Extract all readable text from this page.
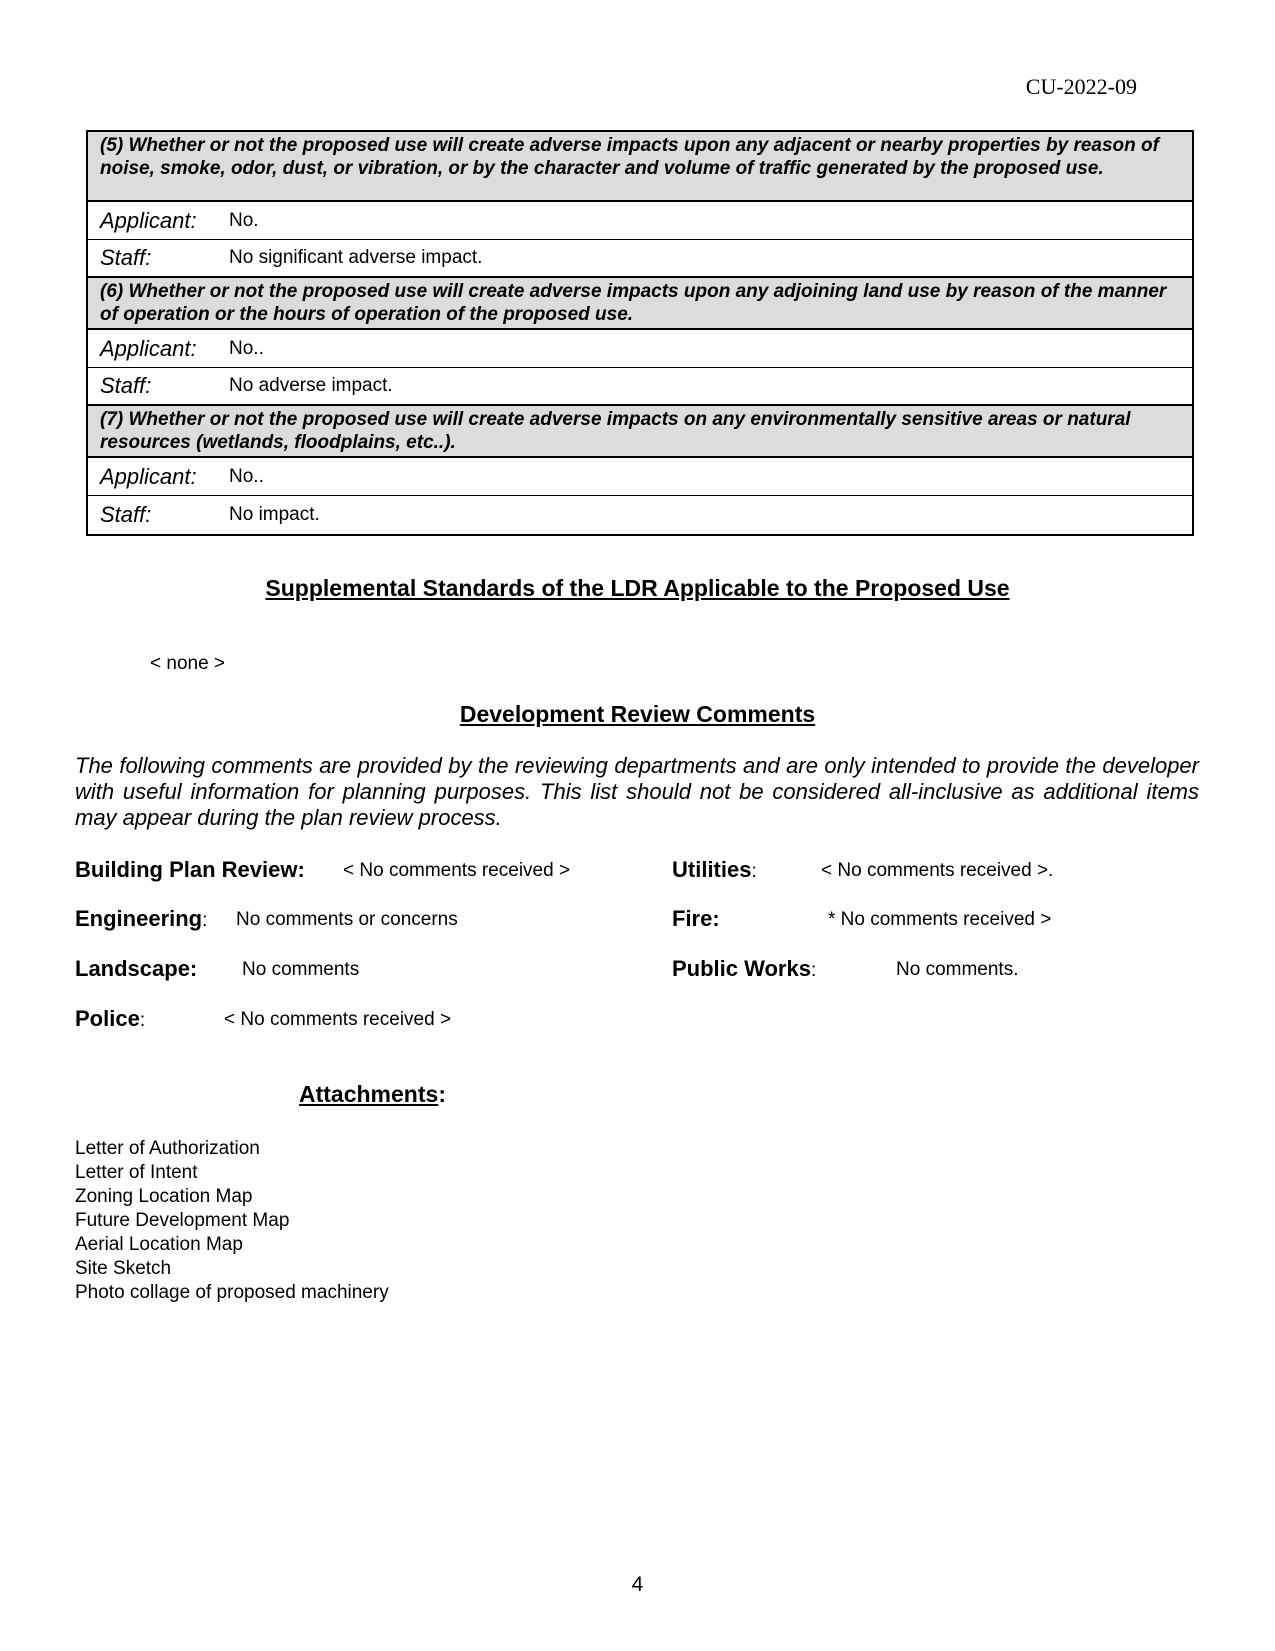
CU-2022-09
(5) Whether or not the proposed use will create adverse impacts upon any adjacent or nearby properties by reason of noise, smoke, odor, dust, or vibration, or by the character and volume of traffic generated by the proposed use.
Applicant:	No.
Staff:	No significant adverse impact.
(6) Whether or not the proposed use will create adverse impacts upon any adjoining land use by reason of the manner of operation or the hours of operation of the proposed use.
Applicant:	No..
Staff:	No adverse impact.
(7) Whether or not the proposed use will create adverse impacts on any environmentally sensitive areas or natural resources (wetlands, floodplains, etc..).
Applicant:	No..
Staff:	No impact.
Supplemental Standards of the LDR Applicable to the Proposed Use
< none >
Development Review Comments
The following comments are provided by the reviewing departments and are only intended to provide the developer with useful information for planning purposes. This list should not be considered all-inclusive as additional items may appear during the plan review process.
Building Plan Review: < No comments received >	Utilities:	< No comments received >.
Engineering: No comments or concerns	Fire:	* No comments received >
Landscape: No comments	Public Works:	No comments.
Police:	< No comments received >
Attachments:
Letter of Authorization
Letter of Intent
Zoning Location Map
Future Development Map
Aerial Location Map
Site Sketch
Photo collage of proposed machinery
4
